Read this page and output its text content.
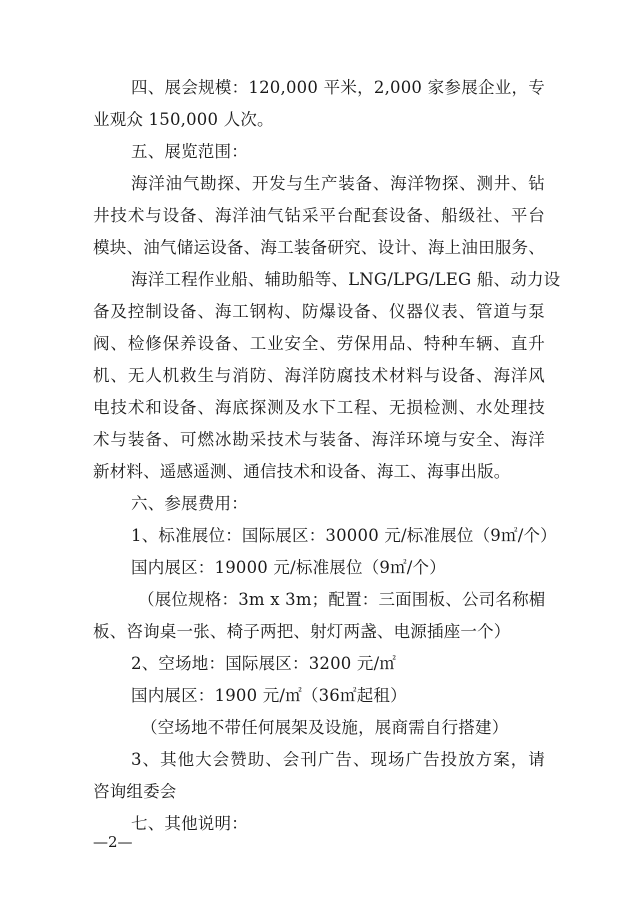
四、展会规模：120,000 平米，2,000 家参展企业，专
业观众 150,000 人次。
五、展览范围：
海洋油气勘探、开发与生产装备、海洋物探、测井、钻
井技术与设备、海洋油气钻采平台配套设备、船级社、平台
模块、油气储运设备、海工装备研究、设计、海上油田服务、
海洋工程作业船、辅助船等、LNG/LPG/LEG 船、动力设
备及控制设备、海工钢构、防爆设备、仪器仪表、管道与泵
阀、检修保养设备、工业安全、劳保用品、特种车辆、直升
机、无人机救生与消防、海洋防腐技术材料与设备、海洋风
电技术和设备、海底探测及水下工程、无损检测、水处理技
术与装备、可燃冰勘采技术与装备、海洋环境与安全、海洋
新材料、遥感遥测、通信技术和设备、海工、海事出版。
六、参展费用：
1、标准展位：国际展区：30000 元/标准展位（9㎡/个）
国内展区：19000 元/标准展位（9㎡/个）
（展位规格：3m x 3m；配置：三面围板、公司名称楣
板、咨询桌一张、椅子两把、射灯两盏、电源插座一个）
2、空场地：国际展区：3200 元/㎡
国内展区：1900 元/㎡（36㎡起租）
（空场地不带任何展架及设施，展商需自行搭建）
3、其他大会赞助、会刊广告、现场广告投放方案，请
咨询组委会
七、其他说明：
—2—
